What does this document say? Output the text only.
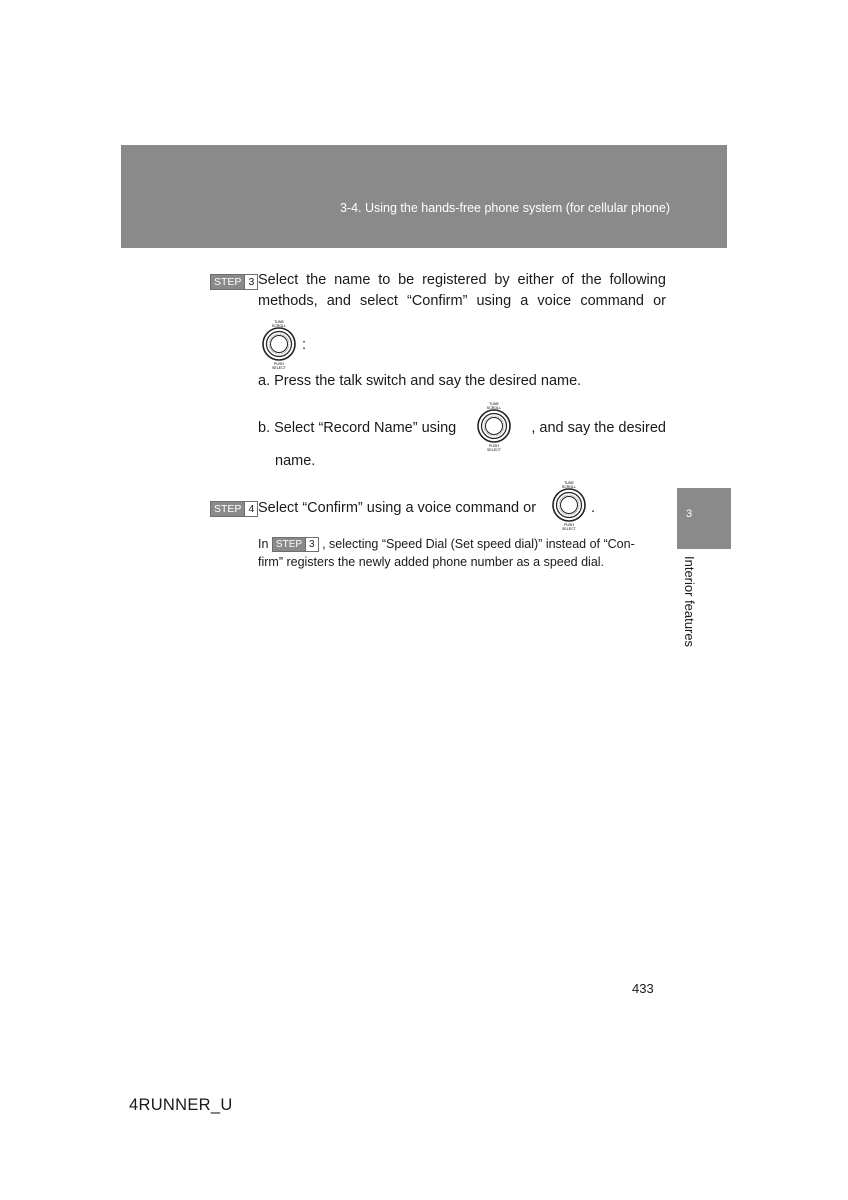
3-4. Using the hands-free phone system (for cellular phone)
3
Interior features
STEP 3 Select the name to be registered by either of the following
methods, and select “Confirm” using a voice command or
TUNE
SCROLL
PUSH
SELECT
:
a. Press the talk switch and say the desired name.
b. Select “Record Name” using
TUNE
SCROLL
PUSH
SELECT
, and say the desired
name.
STEP 4 Select “Confirm” using a voice command or
TUNE
SCROLL
PUSH
SELECT
.
In STEP 3 , selecting “Speed Dial (Set speed dial)” instead of “Con-
firm” registers the newly added phone number as a speed dial.
433
4RUNNER_U
